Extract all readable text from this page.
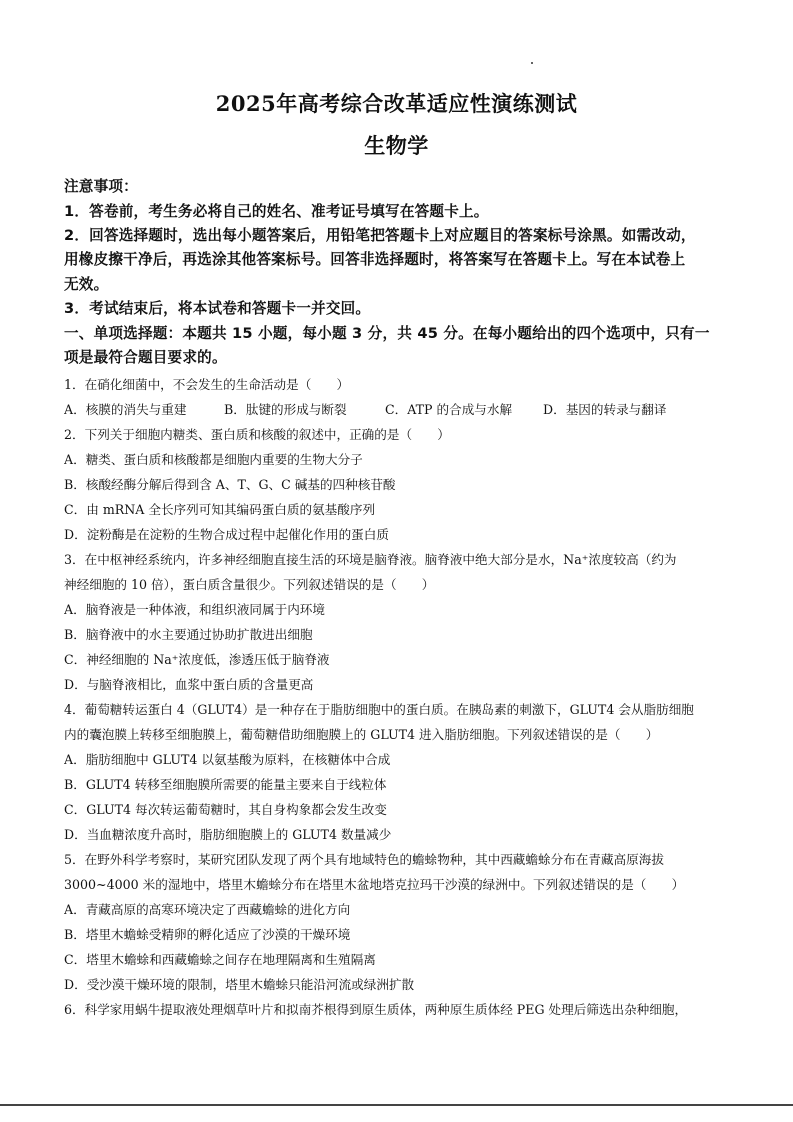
2025年高考综合改革适应性演练测试
生物学
注意事项：
1．答卷前，考生务必将自己的姓名、准考证号填写在答题卡上。
2．回答选择题时，选出每小题答案后，用铅笔把答题卡上对应题目的答案标号涂黑。如需改动，
用橡皮擦干净后，再选涂其他答案标号。回答非选择题时，将答案写在答题卡上。写在本试卷上
无效。
3．考试结束后，将本试卷和答题卡一并交回。
一、单项选择题：本题共 15 小题，每小题 3 分，共 45 分。在每小题给出的四个选项中，只有一
项是最符合题目要求的。
1．在硝化细菌中，不会发生的生命活动是（　　）
A．核膜的消失与重建	B．肽键的形成与断裂	C．ATP 的合成与水解 D．基因的转录与翻译
2．下列关于细胞内糖类、蛋白质和核酸的叙述中，正确的是（　　）
A．糖类、蛋白质和核酸都是细胞内重要的生物大分子
B．核酸经酶分解后得到含 A、T、G、C 碱基的四种核苷酸
C．由 mRNA 全长序列可知其编码蛋白质的氨基酸序列
D．淀粉酶是在淀粉的生物合成过程中起催化作用的蛋白质
3．在中枢神经系统内，许多神经细胞直接生活的环境是脑脊液。脑脊液中绝大部分是水，Na⁺浓度较高（约为
神经细胞的 10 倍），蛋白质含量很少。下列叙述错误的是（　　）
A．脑脊液是一种体液，和组织液同属于内环境
B．脑脊液中的水主要通过协助扩散进出细胞
C．神经细胞的 Na⁺浓度低，渗透压低于脑脊液
D．与脑脊液相比，血浆中蛋白质的含量更高
4．葡萄糖转运蛋白 4（GLUT4）是一种存在于脂肪细胞中的蛋白质。在胰岛素的刺激下，GLUT4 会从脂肪细胞
内的囊泡膜上转移至细胞膜上，葡萄糖借助细胞膜上的 GLUT4 进入脂肪细胞。下列叙述错误的是（　　）
A．脂肪细胞中 GLUT4 以氨基酸为原料，在核糖体中合成
B．GLUT4 转移至细胞膜所需要的能量主要来自于线粒体
C．GLUT4 每次转运葡萄糖时，其自身构象都会发生改变
D．当血糖浓度升高时，脂肪细胞膜上的 GLUT4 数量减少
5．在野外科学考察时，某研究团队发现了两个具有地域特色的蟾蜍物种，其中西藏蟾蜍分布在青藏高原海拔
3000~4000 米的湿地中，塔里木蟾蜍分布在塔里木盆地塔克拉玛干沙漠的绿洲中。下列叙述错误的是（　　）
A．青藏高原的高寒环境决定了西藏蟾蜍的进化方向
B．塔里木蟾蜍受精卵的孵化适应了沙漠的干燥环境
C．塔里木蟾蜍和西藏蟾蜍之间存在地理隔离和生殖隔离
D．受沙漠干燥环境的限制，塔里木蟾蜍只能沿河流或绿洲扩散
6．科学家用蜗牛提取液处理烟草叶片和拟南芥根得到原生质体，两种原生质体经 PEG 处理后筛选出杂种细胞，
